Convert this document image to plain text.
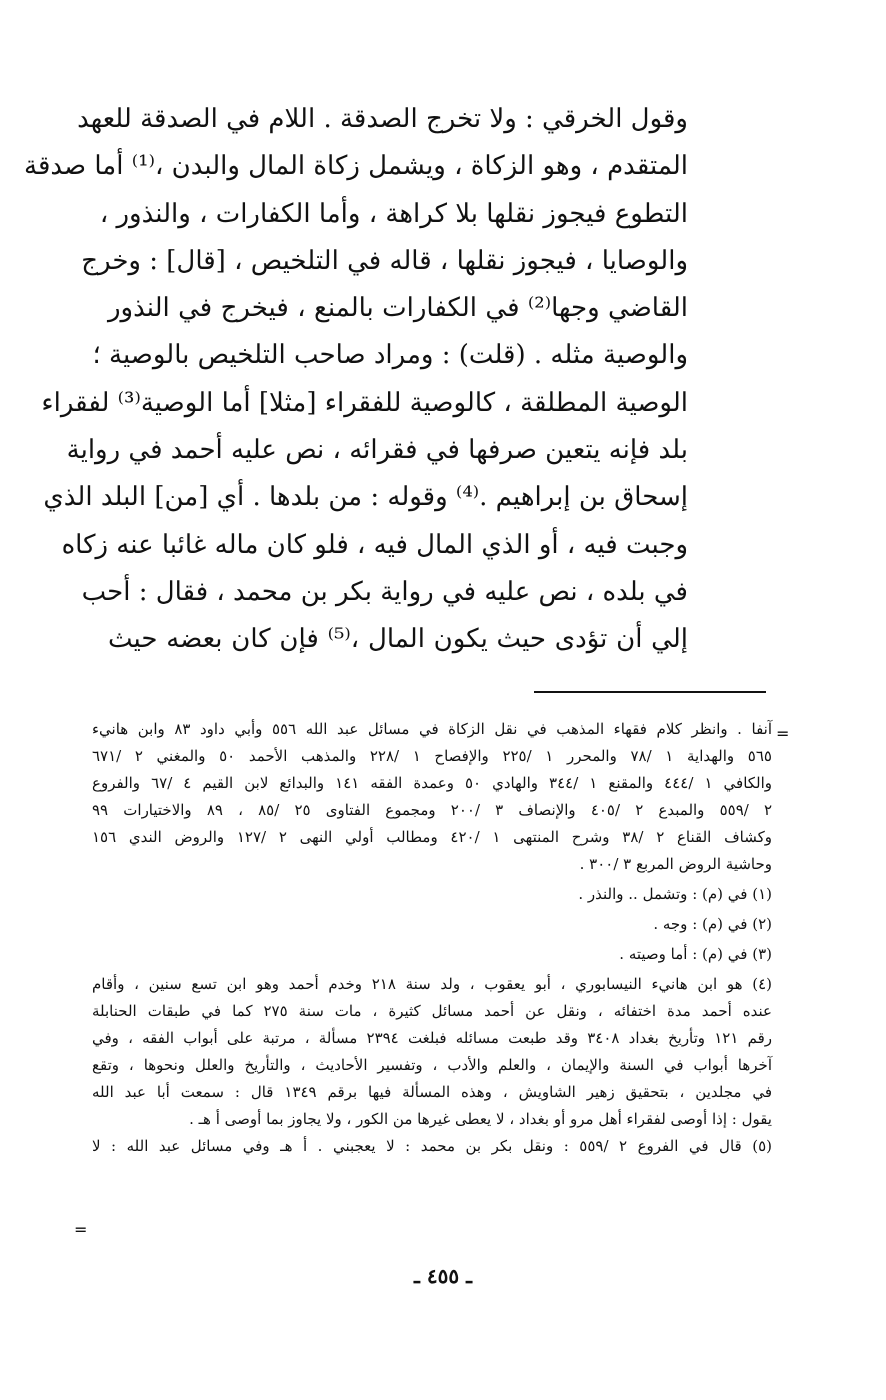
وقول الخرقي : ولا تخرج الصدقة . اللام في الصدقة للعهد
المتقدم ، وهو الزكاة ، ويشمل زكاة المال والبدن ،⁽¹⁾ أما صدقة
التطوع فيجوز نقلها بلا كراهة ، وأما الكفارات ، والنذور ،
والوصايا ، فيجوز نقلها ، قاله في التلخيص ، [قال] : وخرج
القاضي وجها⁽²⁾ في الكفارات بالمنع ، فيخرج في النذور
والوصية مثله . (قلت) : ومراد صاحب التلخيص بالوصية ؛
الوصية المطلقة ، كالوصية للفقراء [مثلا] أما الوصية⁽³⁾ لفقراء
بلد فإنه يتعين صرفها في فقرائه ، نص عليه أحمد في رواية
إسحاق بن إبراهيم .⁽⁴⁾ وقوله : من بلدها . أي [من] البلد الذي
وجبت فيه ، أو الذي المال فيه ، فلو كان ماله غائبا عنه زكاه
في بلده ، نص عليه في رواية بكر بن محمد ، فقال : أحب
إلي أن تؤدى حيث يكون المال ،⁽⁵⁾ فإن كان بعضه حيث
=
آنفا . وانظر كلام فقهاء المذهب في نقل الزكاة في مسائل عبد الله ٥٥٦ وأبي داود ٨٣ وابن هانيء
٥٦٥ والهداية ١ /٧٨ والمحرر ١ /٢٢٥ والإفصاح ١ /٢٢٨ والمذهب الأحمد ٥٠ والمغني ٢ /٦٧١
والكافي ١ /٤٤٤ والمقنع ١ /٣٤٤ والهادي ٥٠ وعمدة الفقه ١٤١ والبدائع لابن القيم ٤ /٦٧ والفروع
٢ /٥٥٩ والمبدع ٢ /٤٠٥ والإنصاف ٣ /٢٠٠ ومجموع الفتاوى ٢٥ /٨٥ ، ٨٩ والاختيارات ٩٩
وكشاف القناع ٢ /٣٨ وشرح المنتهى ١ /٤٢٠ ومطالب أولي النهى ٢ /١٢٧ والروض الندي ١٥٦
وحاشية الروض المربع ٣ /٣٠٠ .
(١) في (م) : وتشمل .. والنذر .
(٢) في (م) : وجه .
(٣) في (م) : أما وصيته .
(٤) هو ابن هانيء النيسابوري ، أبو يعقوب ، ولد سنة ٢١٨ وخدم أحمد وهو ابن تسع سنين ، وأقام
عنده أحمد مدة اختفائه ، ونقل عن أحمد مسائل كثيرة ، مات سنة ٢٧٥ كما في طبقات الحنابلة
رقم ١٢١ وتأريخ بغداد ٣٤٠٨ وقد طبعت مسائله فبلغت ٢٣٩٤ مسألة ، مرتبة على أبواب الفقه ، وفي
آخرها أبواب في السنة والإيمان ، والعلم والأدب ، وتفسير الأحاديث ، والتأريخ والعلل ونحوها ، وتقع
في مجلدين ، بتحقيق زهير الشاويش ، وهذه المسألة فيها برقم ١٣٤٩ قال : سمعت أبا عبد الله
يقول : إذا أوصى لفقراء أهل مرو أو بغداد ، لا يعطى غيرها من الكور ، ولا يجاوز بما أوصى أ هـ .
(٥) قال في الفروع ٢ /٥٥٩ : ونقل بكر بن محمد : لا يعجبني . أ هـ وفي مسائل عبد الله : لا
=
ـ ٤٥٥ ـ
